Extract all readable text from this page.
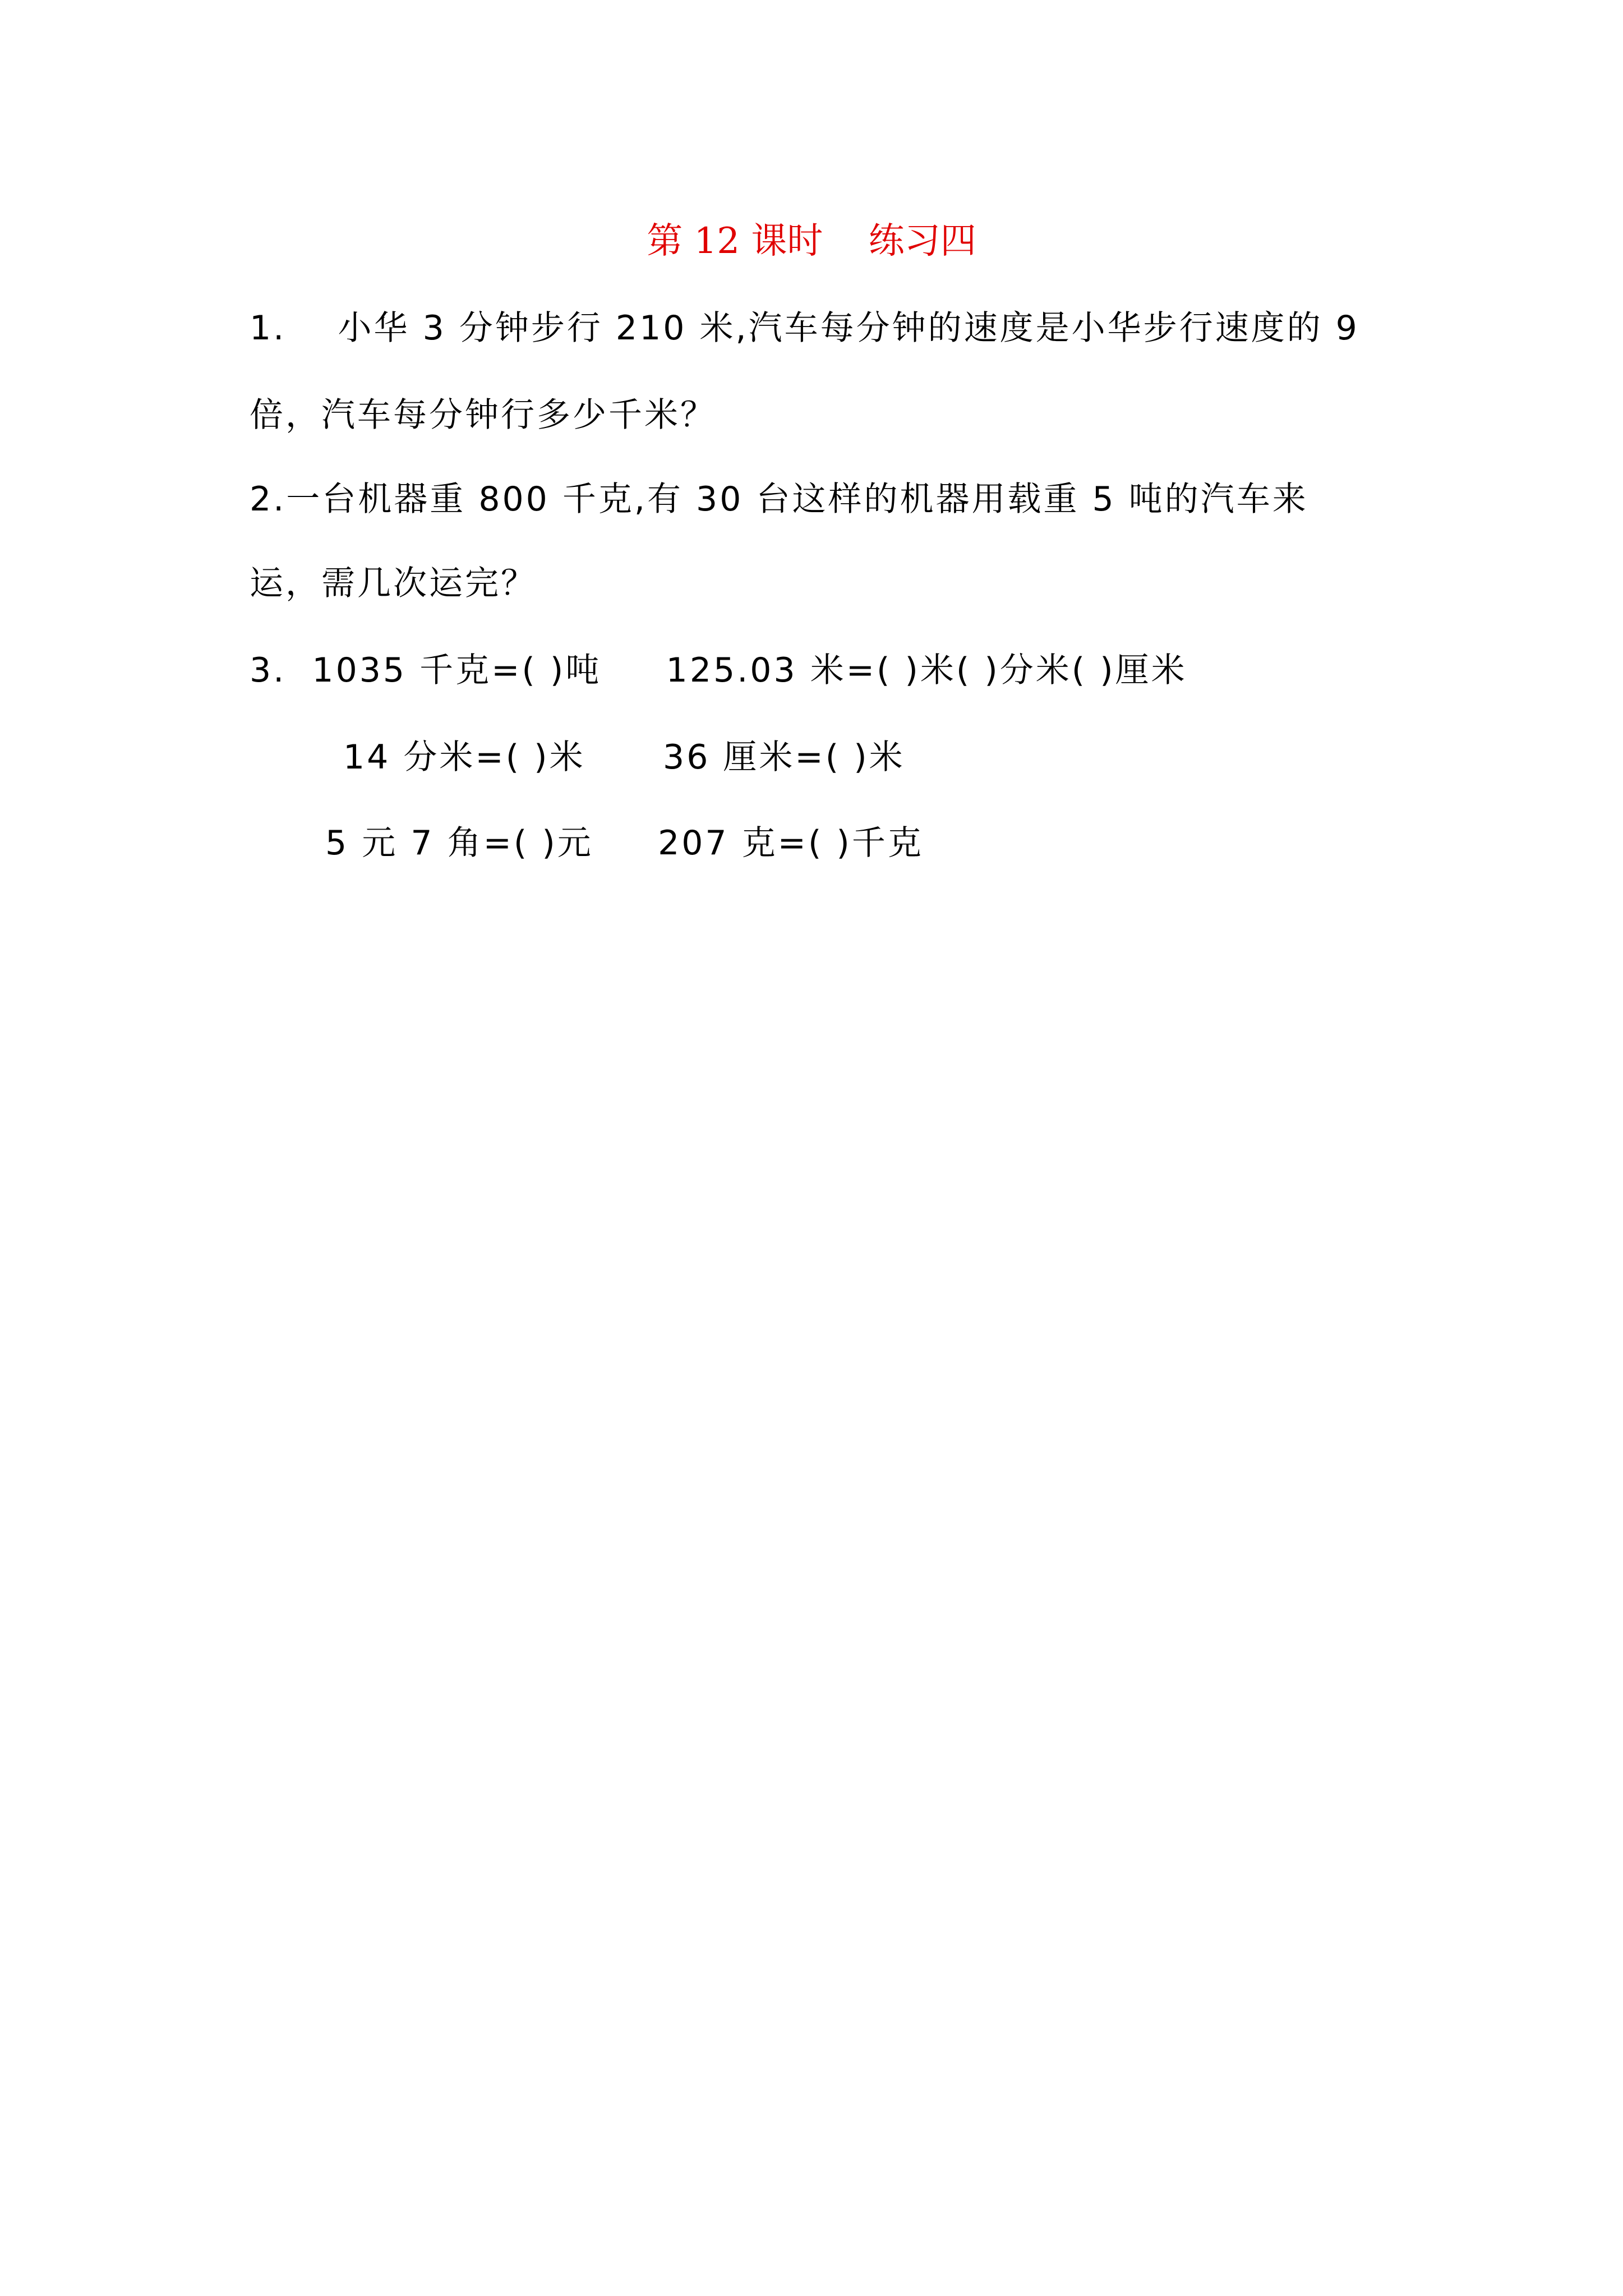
第 12 课时    练习四
1.    小华 3 分钟步行 210 米,汽车每分钟的速度是小华步行速度的 9
倍，汽车每分钟行多少千米？
2.一台机器重 800 千克,有 30 台这样的机器用载重 5 吨的汽车来
运，需几次运完？
3.  1035 千克=( )吨     125.03 米=( )米( )分米( )厘米
14 分米=( )米      36 厘米=( )米
5 元 7 角=( )元     207 克=( )千克
